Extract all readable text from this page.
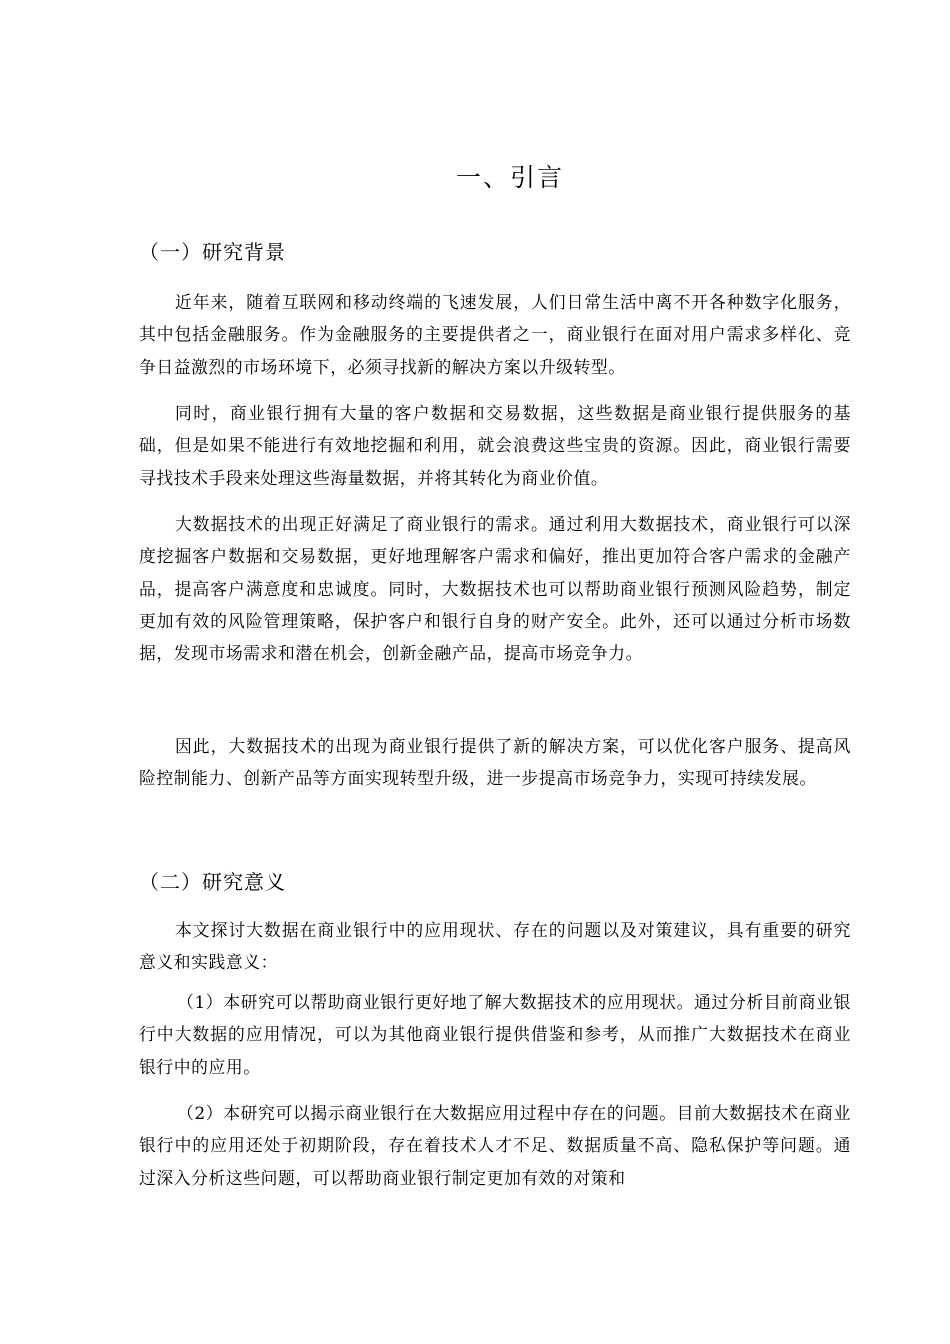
一、引言
（一）研究背景

近年来，随着互联网和移动终端的飞速发展，人们日常生活中离不开各种数字化服务，其中包括金融服务。作为金融服务的主要提供者之一，商业银行在面对用户需求多样化、竞争日益激烈的市场环境下，必须寻找新的解决方案以升级转型。

同时，商业银行拥有大量的客户数据和交易数据，这些数据是商业银行提供服务的基础，但是如果不能进行有效地挖掘和利用，就会浪费这些宝贵的资源。因此，商业银行需要寻找技术手段来处理这些海量数据，并将其转化为商业价值。

大数据技术的出现正好满足了商业银行的需求。通过利用大数据技术，商业银行可以深度挖掘客户数据和交易数据，更好地理解客户需求和偏好，推出更加符合客户需求的金融产品，提高客户满意度和忠诚度。同时，大数据技术也可以帮助商业银行预测风险趋势，制定更加有效的风险管理策略，保护客户和银行自身的财产安全。此外，还可以通过分析市场数据，发现市场需求和潜在机会，创新金融产品，提高市场竞争力。

因此，大数据技术的出现为商业银行提供了新的解决方案，可以优化客户服务、提高风险控制能力、创新产品等方面实现转型升级，进一步提高市场竞争力，实现可持续发展。

（二）研究意义

本文探讨大数据在商业银行中的应用现状、存在的问题以及对策建议，具有重要的研究意义和实践意义：

（1）本研究可以帮助商业银行更好地了解大数据技术的应用现状。通过分析目前商业银行中大数据的应用情况，可以为其他商业银行提供借鉴和参考，从而推广大数据技术在商业银行中的应用。

（2）本研究可以揭示商业银行在大数据应用过程中存在的问题。目前大数据技术在商业银行中的应用还处于初期阶段，存在着技术人才不足、数据质量不高、隐私保护等问题。通过深入分析这些问题，可以帮助商业银行制定更加有效的对策和
